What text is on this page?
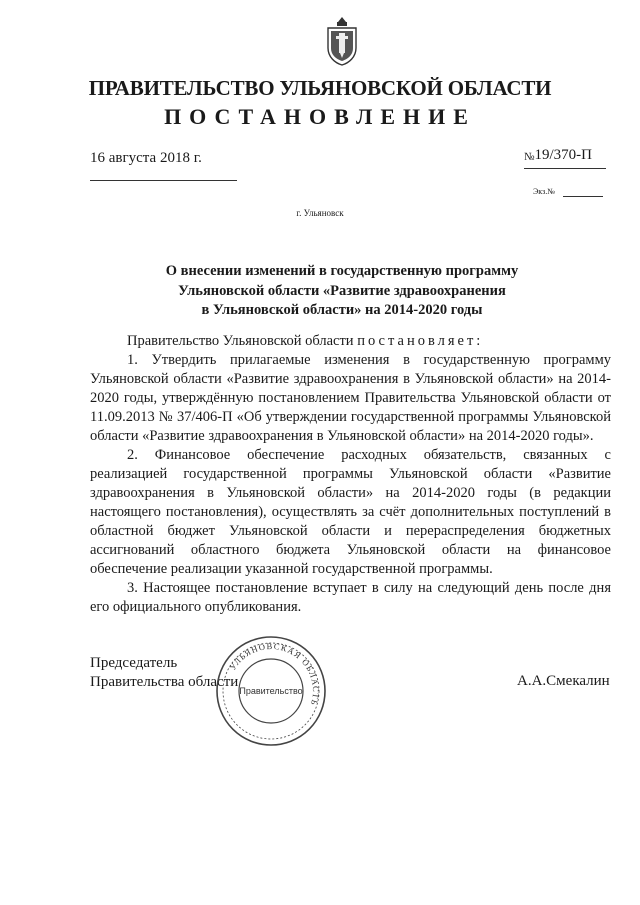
ПРАВИТЕЛЬСТВО УЛЬЯНОВСКОЙ ОБЛАСТИ
ПОСТАНОВЛЕНИЕ
16 августа 2018 г.	№19/370-П
Экз.№
г. Ульяновск
О внесении изменений в государственную программу
Ульяновской области «Развитие здравоохранения
в Ульяновской области» на 2014-2020 годы

Правительство Ульяновской области постановляет:

1. Утвердить прилагаемые изменения в государственную программу Ульяновской области «Развитие здравоохранения в Ульяновской области» на 2014-2020 годы, утверждённую постановлением Правительства Ульяновской области от 11.09.2013 № 37/406-П «Об утверждении государственной программы Ульяновской области «Развитие здравоохранения в Ульяновской области» на 2014-2020 годы».

2. Финансовое обеспечение расходных обязательств, связанных с реализацией государственной программы Ульяновской области «Развитие здравоохранения в Ульяновской области» на 2014-2020 годы (в редакции настоящего постановления), осуществлять за счёт дополнительных поступлений в областной бюджет Ульяновской области и перераспределения бюджетных ассигнований областного бюджета Ульяновской области на финансовое обеспечение реализации указанной государственной программы.

3. Настоящее постановление вступает в силу на следующий день после дня его официального опубликования.

Председатель
Правительства области	А.А.Смекалин
УЛЬЯНОВСКАЯ ОБЛАСТЬ
Правительство
